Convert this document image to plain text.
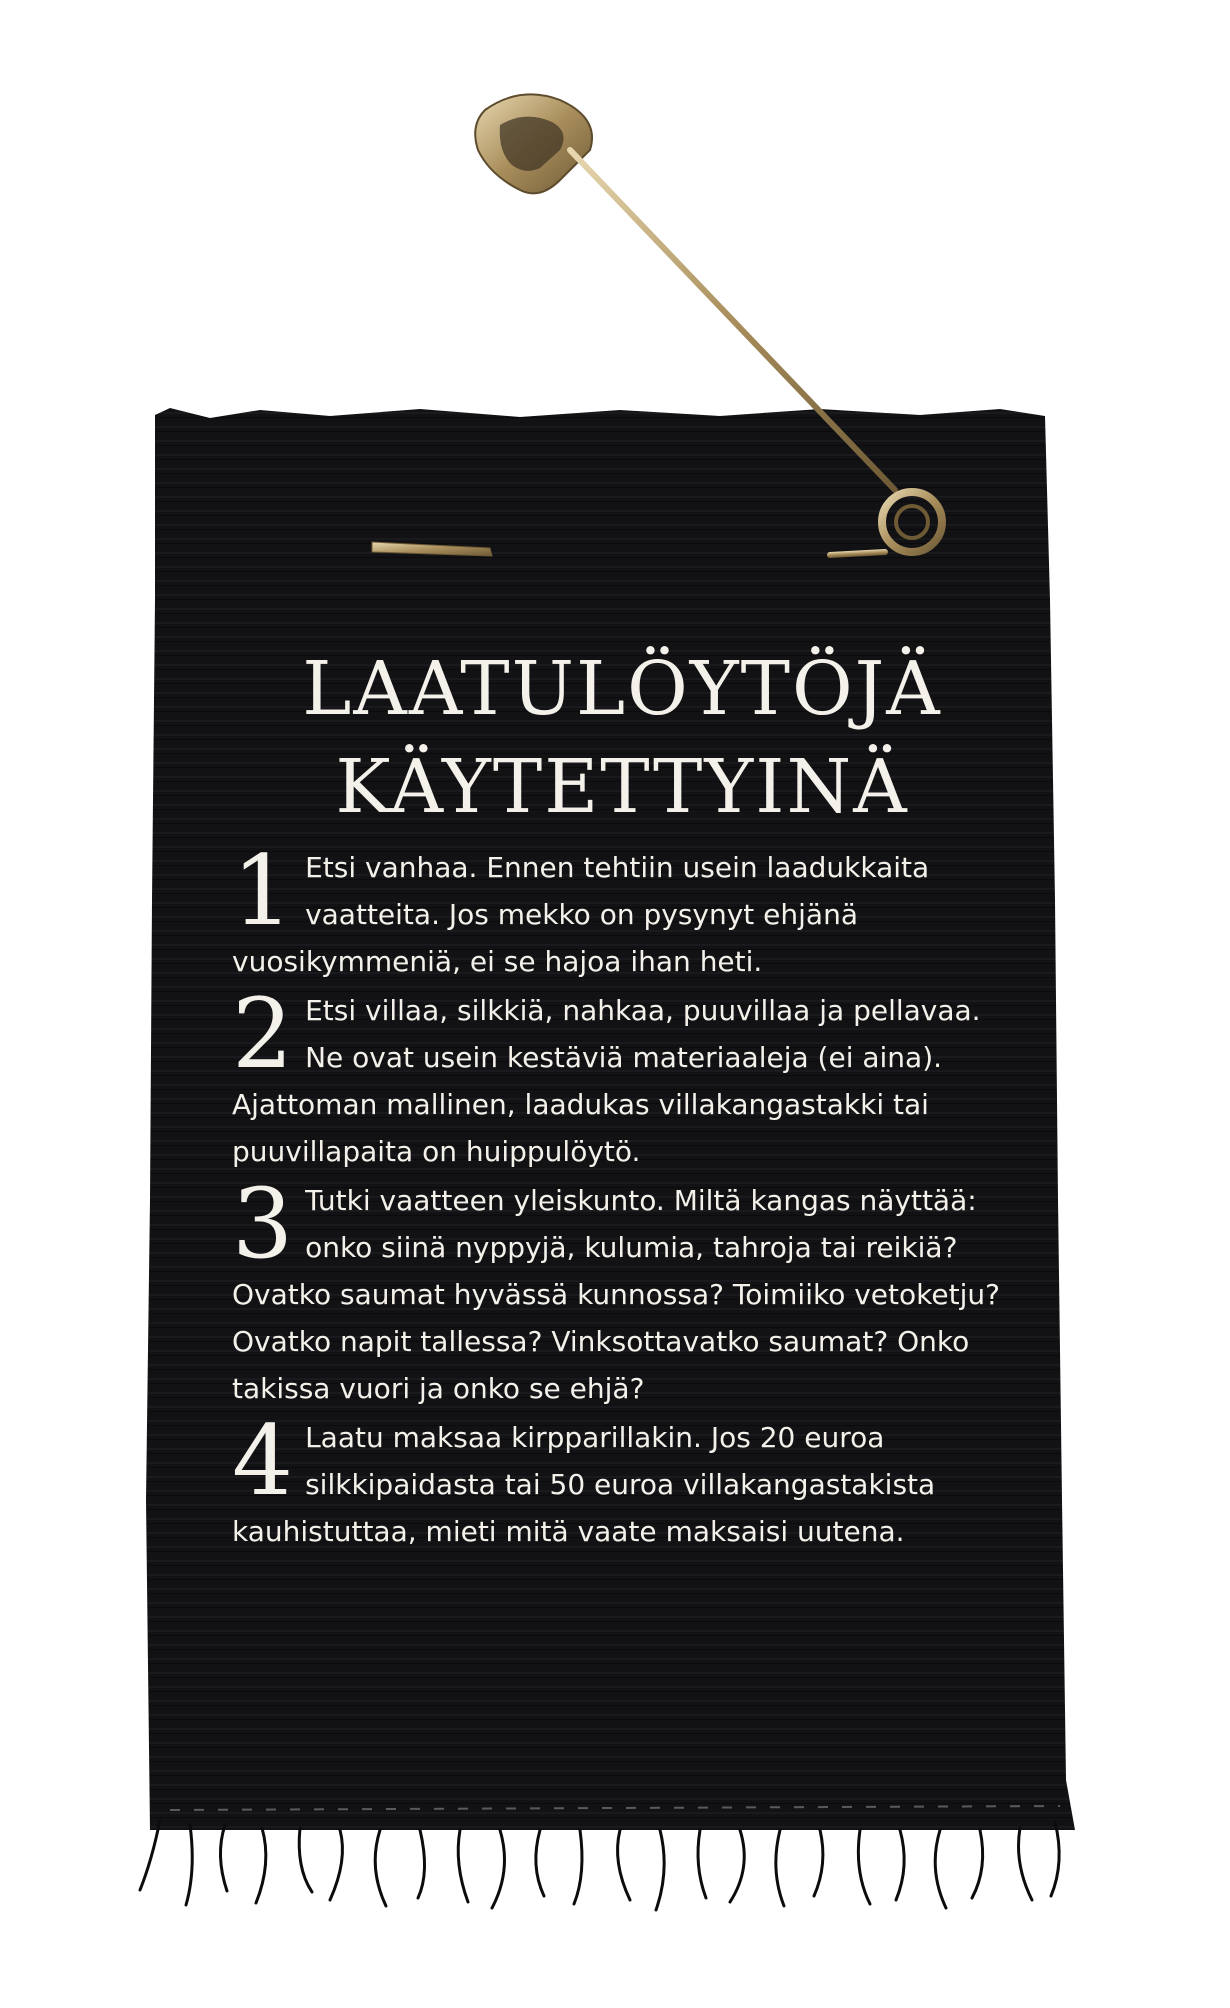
LAATULÖYTÖJÄ
KÄYTETTYINÄ

1 Etsi vanhaa. Ennen tehtiin usein laadukkaita vaatteita. Jos mekko on pysynyt ehjänä vuosikymmeniä, ei se hajoa ihan heti.

2 Etsi villaa, silkkiä, nahkaa, puuvillaa ja pellavaa. Ne ovat usein kestäviä materiaaleja (ei aina). Ajattoman mallinen, laadukas villakangastakki tai puuvillapaita on huippulöytö.

3 Tutki vaatteen yleiskunto. Miltä kangas näyttää: onko siinä nyppyjä, kulumia, tahroja tai reikiä? Ovatko saumat hyvässä kunnossa? Toimiiko vetoketju? Ovatko napit tallessa? Vinksottavatko saumat? Onko takissa vuori ja onko se ehjä?

4 Laatu maksaa kirpparillakin. Jos 20 euroa silkkipaidasta tai 50 euroa villakangastakista kauhistuttaa, mieti mitä vaate maksaisi uutena.
